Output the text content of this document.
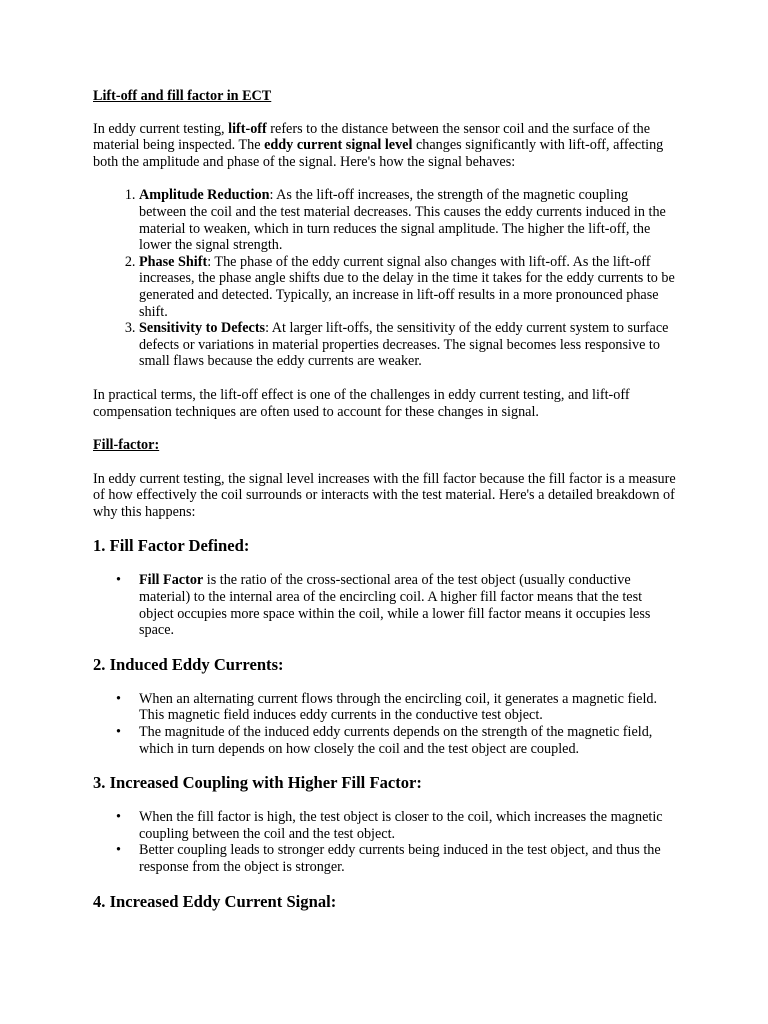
Lift-off and fill factor in ECT

In eddy current testing, lift-off refers to the distance between the sensor coil and the surface of the material being inspected. The eddy current signal level changes significantly with lift-off, affecting both the amplitude and phase of the signal. Here's how the signal behaves:

1. Amplitude Reduction: As the lift-off increases, the strength of the magnetic coupling between the coil and the test material decreases. This causes the eddy currents induced in the material to weaken, which in turn reduces the signal amplitude. The higher the lift-off, the lower the signal strength.
2. Phase Shift: The phase of the eddy current signal also changes with lift-off. As the lift-off increases, the phase angle shifts due to the delay in the time it takes for the eddy currents to be generated and detected. Typically, an increase in lift-off results in a more pronounced phase shift.
3. Sensitivity to Defects: At larger lift-offs, the sensitivity of the eddy current system to surface defects or variations in material properties decreases. The signal becomes less responsive to small flaws because the eddy currents are weaker.

In practical terms, the lift-off effect is one of the challenges in eddy current testing, and lift-off compensation techniques are often used to account for these changes in signal.

Fill-factor:

In eddy current testing, the signal level increases with the fill factor because the fill factor is a measure of how effectively the coil surrounds or interacts with the test material. Here's a detailed breakdown of why this happens:

1. Fill Factor Defined:
• Fill Factor is the ratio of the cross-sectional area of the test object (usually conductive material) to the internal area of the encircling coil. A higher fill factor means that the test object occupies more space within the coil, while a lower fill factor means it occupies less space.
2. Induced Eddy Currents:
• When an alternating current flows through the encircling coil, it generates a magnetic field. This magnetic field induces eddy currents in the conductive test object.
• The magnitude of the induced eddy currents depends on the strength of the magnetic field, which in turn depends on how closely the coil and the test object are coupled.
3. Increased Coupling with Higher Fill Factor:
• When the fill factor is high, the test object is closer to the coil, which increases the magnetic coupling between the coil and the test object.
• Better coupling leads to stronger eddy currents being induced in the test object, and thus the response from the object is stronger.
4. Increased Eddy Current Signal:
